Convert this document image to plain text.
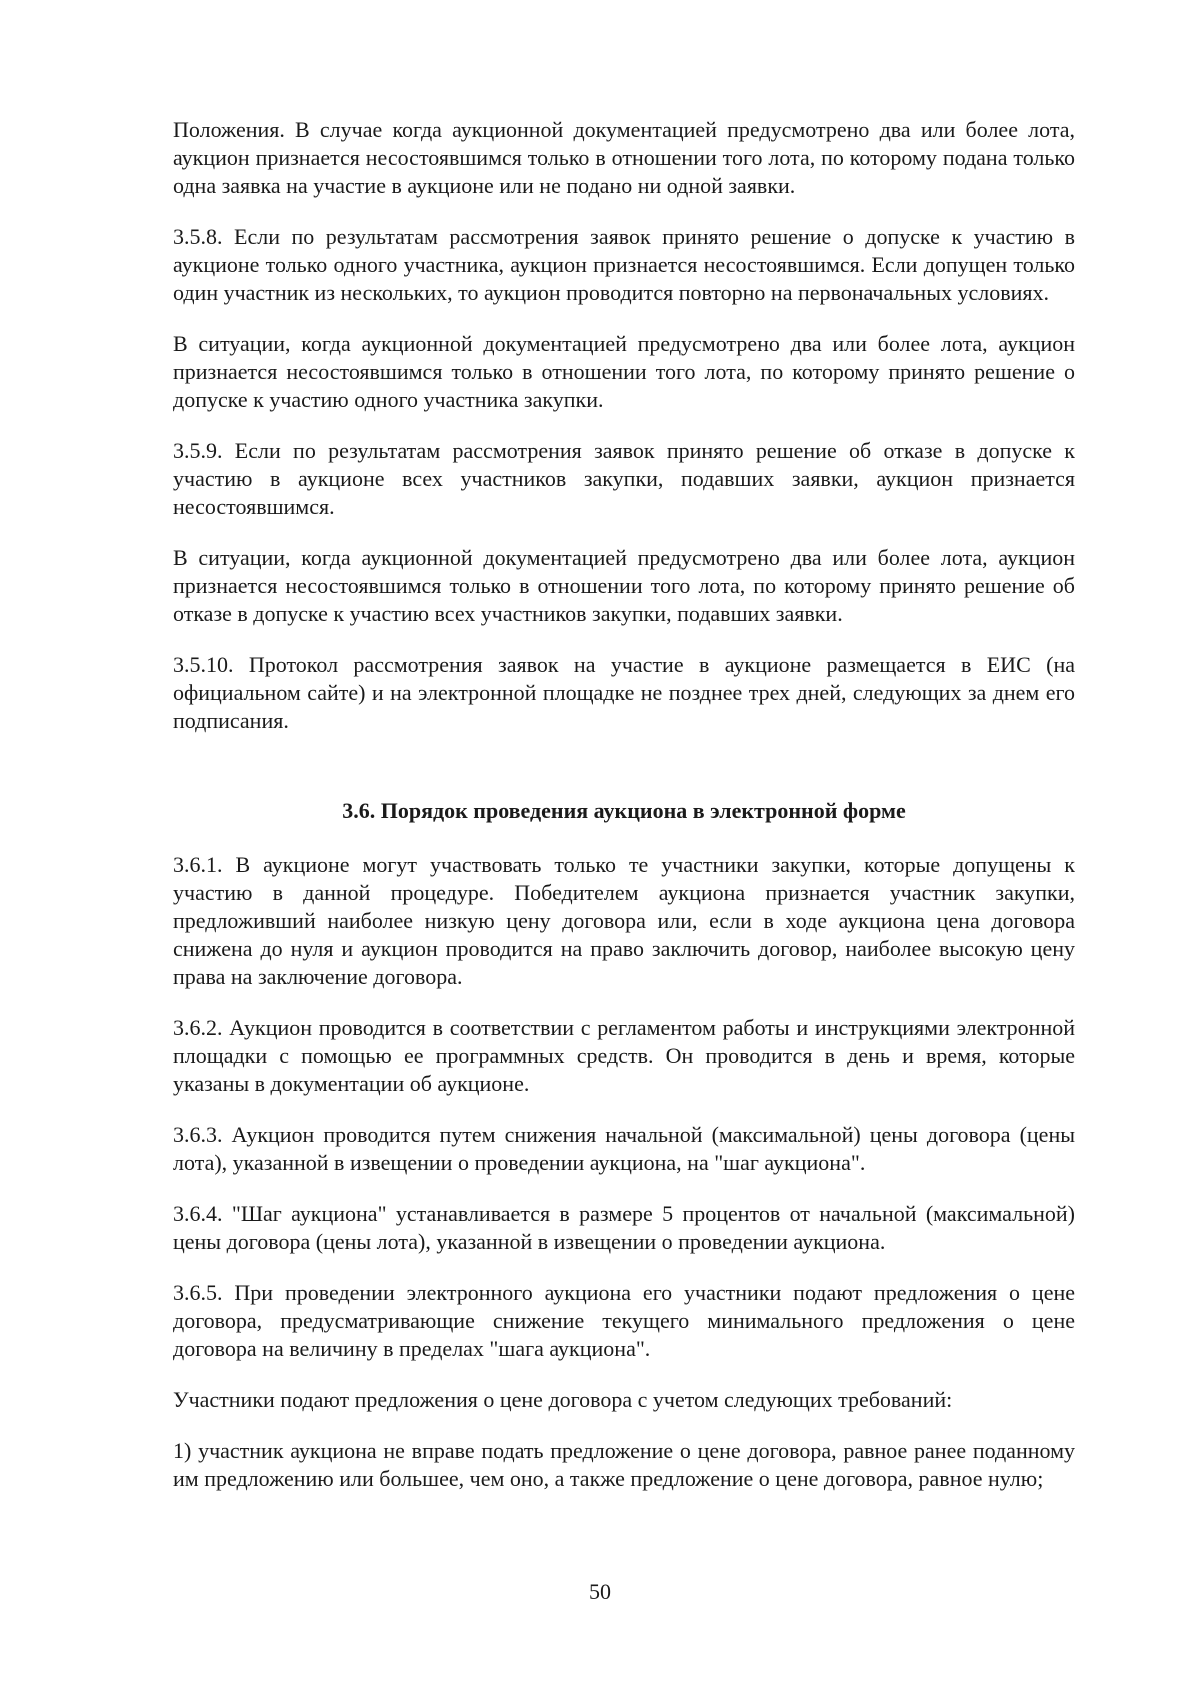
Положения. В случае когда аукционной документацией предусмотрено два или более лота, аукцион признается несостоявшимся только в отношении того лота, по которому подана только одна заявка на участие в аукционе или не подано ни одной заявки.

3.5.8. Если по результатам рассмотрения заявок принято решение о допуске к участию в аукционе только одного участника, аукцион признается несостоявшимся. Если допущен только один участник из нескольких, то аукцион проводится повторно на первоначальных условиях.

В ситуации, когда аукционной документацией предусмотрено два или более лота, аукцион признается несостоявшимся только в отношении того лота, по которому принято решение о допуске к участию одного участника закупки.

3.5.9. Если по результатам рассмотрения заявок принято решение об отказе в допуске к участию в аукционе всех участников закупки, подавших заявки, аукцион признается несостоявшимся.

В ситуации, когда аукционной документацией предусмотрено два или более лота, аукцион признается несостоявшимся только в отношении того лота, по которому принято решение об отказе в допуске к участию всех участников закупки, подавших заявки.

3.5.10. Протокол рассмотрения заявок на участие в аукционе размещается в ЕИС (на официальном сайте) и на электронной площадке не позднее трех дней, следующих за днем его подписания.

3.6. Порядок проведения аукциона в электронной форме

3.6.1. В аукционе могут участвовать только те участники закупки, которые допущены к участию в данной процедуре. Победителем аукциона признается участник закупки, предложивший наиболее низкую цену договора или, если в ходе аукциона цена договора снижена до нуля и аукцион проводится на право заключить договор, наиболее высокую цену права на заключение договора.

3.6.2. Аукцион проводится в соответствии с регламентом работы и инструкциями электронной площадки с помощью ее программных средств. Он проводится в день и время, которые указаны в документации об аукционе.

3.6.3. Аукцион проводится путем снижения начальной (максимальной) цены договора (цены лота), указанной в извещении о проведении аукциона, на "шаг аукциона".

3.6.4. "Шаг аукциона" устанавливается в размере 5 процентов от начальной (максимальной) цены договора (цены лота), указанной в извещении о проведении аукциона.

3.6.5. При проведении электронного аукциона его участники подают предложения о цене договора, предусматривающие снижение текущего минимального предложения о цене договора на величину в пределах "шага аукциона".

Участники подают предложения о цене договора с учетом следующих требований:

1) участник аукциона не вправе подать предложение о цене договора, равное ранее поданному им предложению или большее, чем оно, а также предложение о цене договора, равное нулю;

50
